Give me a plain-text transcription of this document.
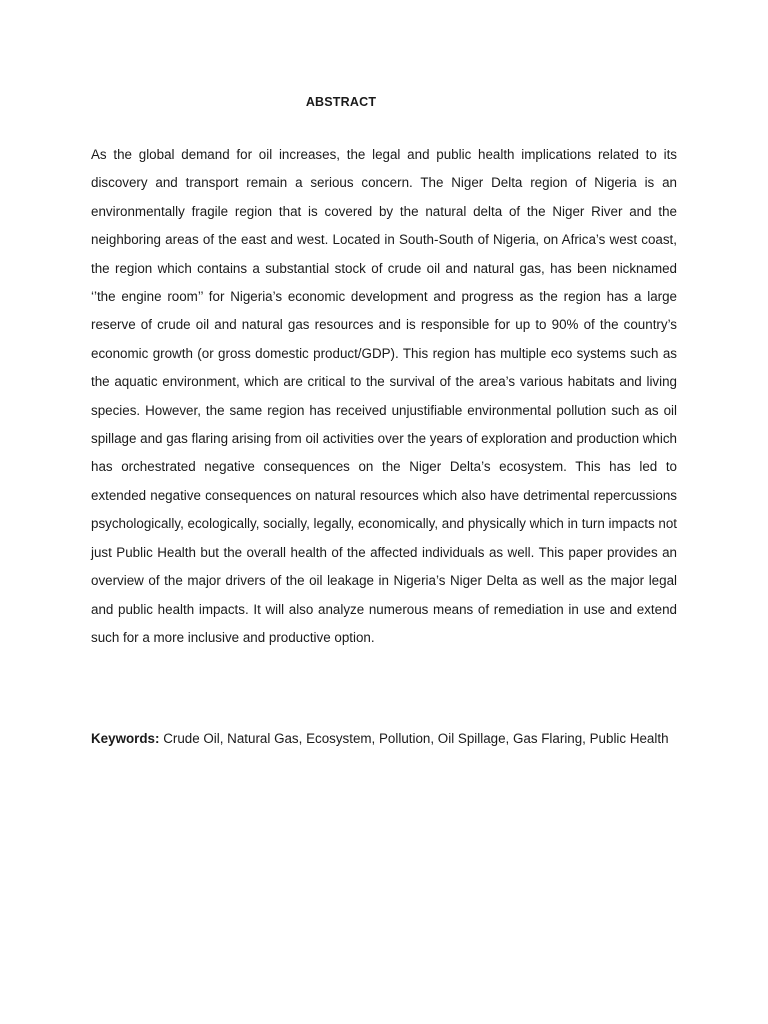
ABSTRACT

As the global demand for oil increases, the legal and public health implications related to its discovery and transport remain a serious concern. The Niger Delta region of Nigeria is an environmentally fragile region that is covered by the natural delta of the Niger River and the neighboring areas of the east and west. Located in South-South of Nigeria, on Africa’s west coast, the region which contains a substantial stock of crude oil and natural gas, has been nicknamed ‘’the engine room’’ for Nigeria’s economic development and progress as the region has a large reserve of crude oil and natural gas resources and is responsible for up to 90% of the country’s economic growth (or gross domestic product/GDP). This region has multiple eco systems such as the aquatic environment, which are critical to the survival of the area’s various habitats and living species. However, the same region has received unjustifiable environmental pollution such as oil spillage and gas flaring arising from oil activities over the years of exploration and production which has orchestrated negative consequences on the Niger Delta’s ecosystem. This has led to extended negative consequences on natural resources which also have detrimental repercussions psychologically, ecologically, socially, legally, economically, and physically which in turn impacts not just Public Health but the overall health of the affected individuals as well. This paper provides an overview of the major drivers of the oil leakage in Nigeria’s Niger Delta as well as the major legal and public health impacts. It will also analyze numerous means of remediation in use and extend such for a more inclusive and productive option.

Keywords: Crude Oil, Natural Gas, Ecosystem, Pollution, Oil Spillage, Gas Flaring, Public Health
